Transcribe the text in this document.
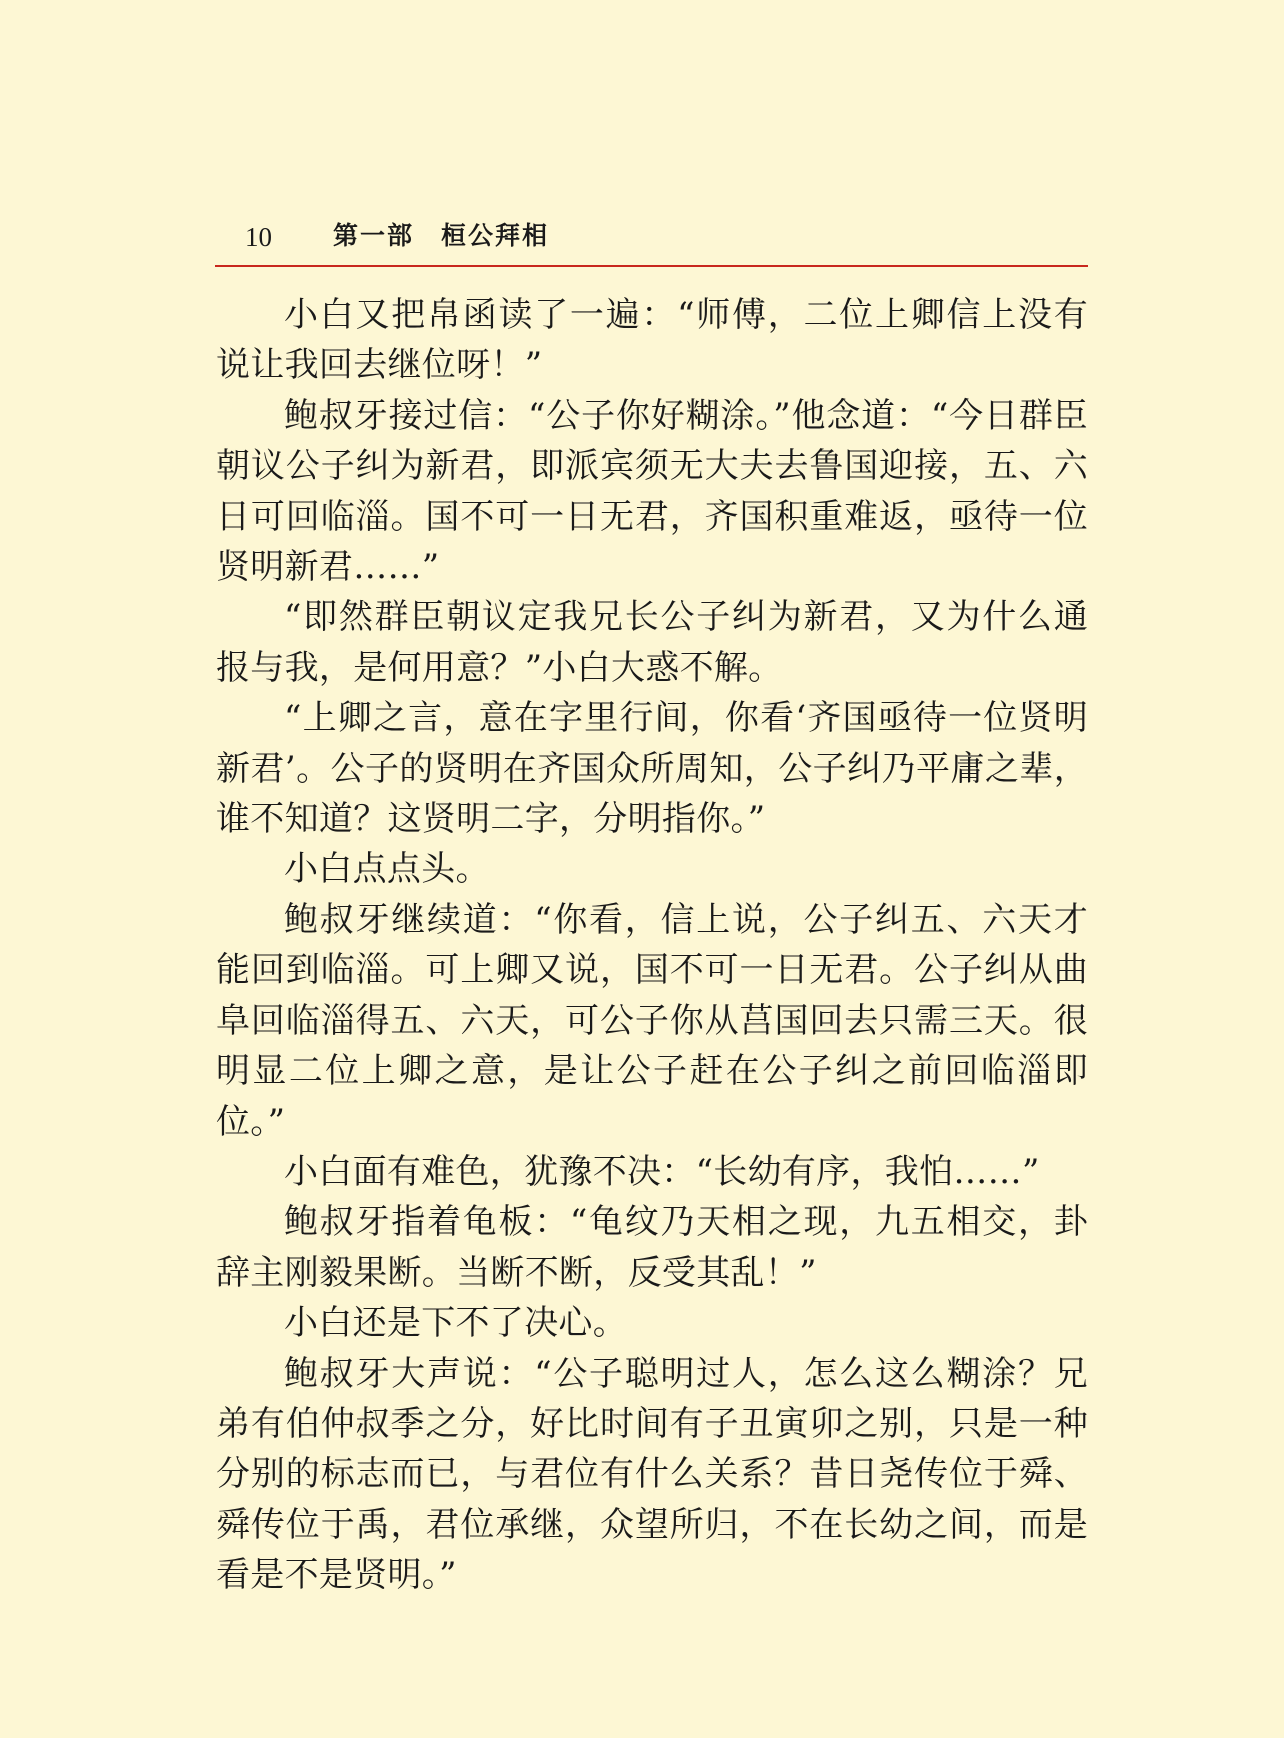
10 第一部　桓公拜相

小白又把帛函读了一遍：“师傅，二位上卿信上没有说让我回去继位呀！”

鲍叔牙接过信：“公子你好糊涂。”他念道：“今日群臣朝议公子纠为新君，即派宾须无大夫去鲁国迎接，五、六日可回临淄。国不可一日无君，齐国积重难返，亟待一位贤明新君……”

“即然群臣朝议定我兄长公子纠为新君，又为什么通报与我，是何用意？”小白大惑不解。

“上卿之言，意在字里行间，你看‘齐国亟待一位贤明新君’。公子的贤明在齐国众所周知，公子纠乃平庸之辈，谁不知道？这贤明二字，分明指你。”

小白点点头。

鲍叔牙继续道：“你看，信上说，公子纠五、六天才能回到临淄。可上卿又说，国不可一日无君。公子纠从曲阜回临淄得五、六天，可公子你从莒国回去只需三天。很明显二位上卿之意，是让公子赶在公子纠之前回临淄即位。”

小白面有难色，犹豫不决：“长幼有序，我怕……”

鲍叔牙指着龟板：“龟纹乃天相之现，九五相交，卦辞主刚毅果断。当断不断，反受其乱！”

小白还是下不了决心。

鲍叔牙大声说：“公子聪明过人，怎么这么糊涂？兄弟有伯仲叔季之分，好比时间有子丑寅卯之别，只是一种分别的标志而已，与君位有什么关系？昔日尧传位于舜、舜传位于禹，君位承继，众望所归，不在长幼之间，而是看是不是贤明。”
